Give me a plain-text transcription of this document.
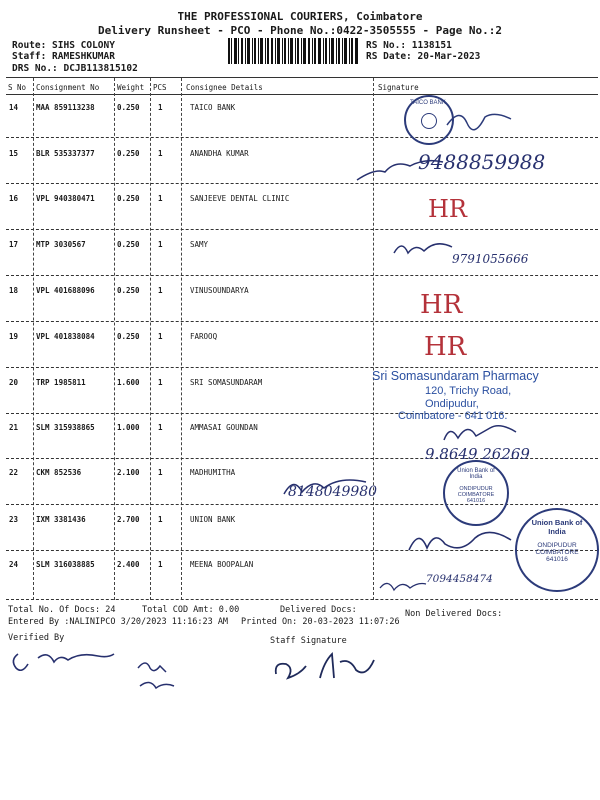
THE PROFESSIONAL COURIERS, Coimbatore
Delivery Runsheet - PCO - Phone No.:0422-3505555 - Page No.:2
Route: SIHS COLONY
Staff: RAMESHKUMAR
DRS No.: DCJB113815102
RS No.: 1138151
RS Date: 20-Mar-2023
S No Consignment No Weight PCS	Consignee Details	Signature
14 MAA 859113238	0.250 1	TAICO BANK
15 BLR 535337377	0.250 1	ANANDHA KUMAR
16 VPL 940380471	0.250 1	SANJEEVE DENTAL CLINIC
17 MTP 3030567	0.250 1	SAMY
18 VPL 401688096	0.250 1	VINUSOUNDARYA
19 VPL 401838084	0.250 1	FAROOQ
20 TRP 1985811	1.600 1	SRI SOMASUNDARAM
21 SLM 315938865	1.000 1	AMMASAI GOUNDAN
22 CKM 852536	2.100 1	MADHUMITHA
23 IXM 3381436	2.700 1	UNION BANK
24 SLM 316038885	2.400 1	MEENA BOOPALAN
TAICO BANK
9488859988
HR
9791055666
HR
HR
Sri Somasundaram Pharmacy
120, Trichy Road,
Ondipudur,
Coimbatore - 641 016.
9.8649 26269
8148049980
Union Bank of India
ONDIPUDUR COIMBATORE 641016
Union Bank of India
ONDIPUDUR COIMBATORE 641016
7094458474
Total No. Of Docs: 24	Total COD Amt: 0.00	Delivered Docs:	Non Delivered Docs:
Entered By :NALINIPCO 3/20/2023 11:16:23 AM Printed On: 20-03-2023 11:07:26
Verified By	Staff Signature
